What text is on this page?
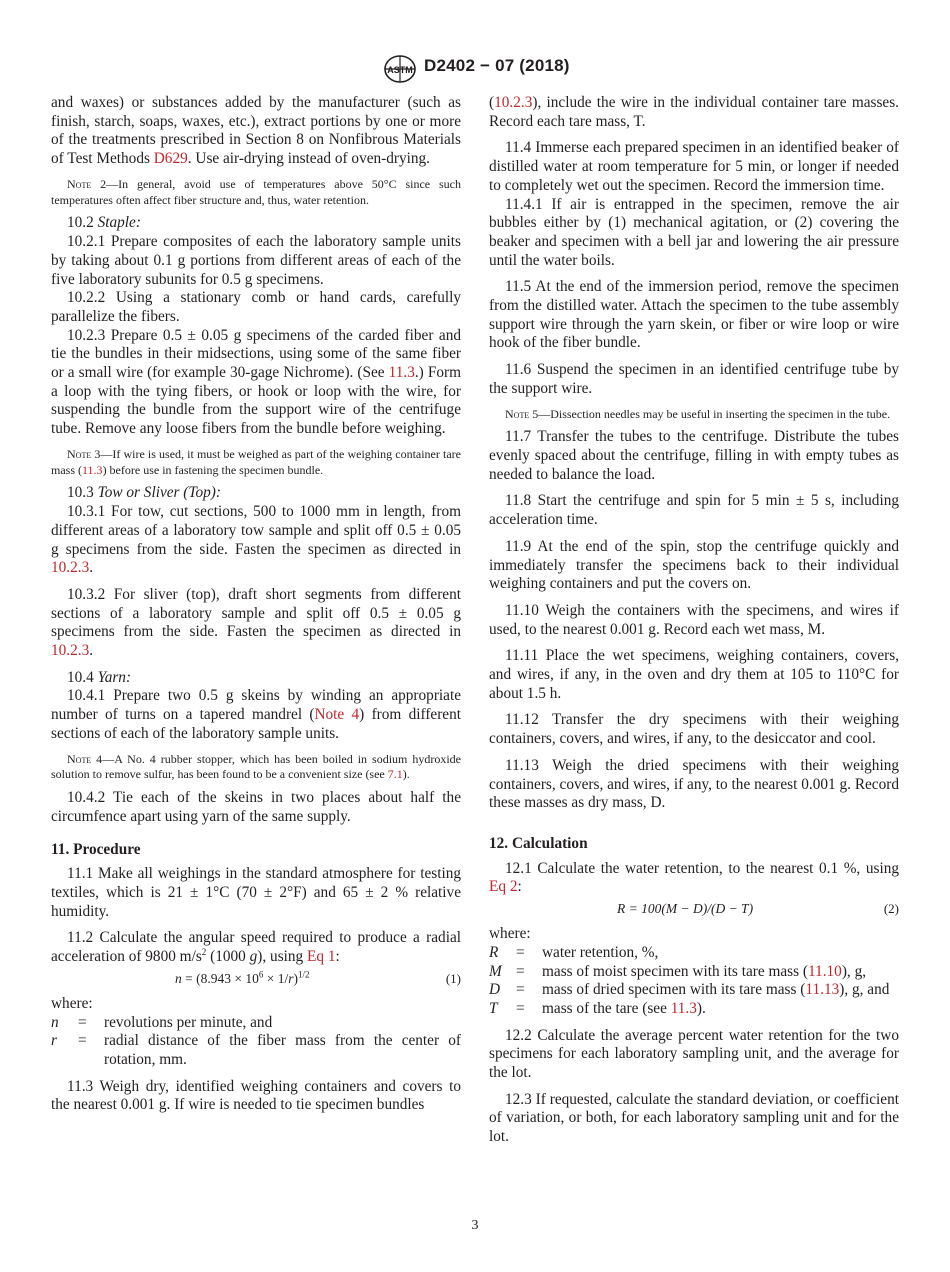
ASTM D2402 − 07 (2018)

and waxes) or substances added by the manufacturer (such as finish, starch, soaps, waxes, etc.), extract portions by one or more of the treatments prescribed in Section 8 on Nonfibrous Materials of Test Methods D629. Use air-drying instead of oven-drying.

Note 2—In general, avoid use of temperatures above 50°C since such temperatures often affect fiber structure and, thus, water retention.

10.2 Staple:

10.2.1 Prepare composites of each the laboratory sample units by taking about 0.1 g portions from different areas of each of the five laboratory subunits for 0.5 g specimens.

10.2.2 Using a stationary comb or hand cards, carefully parallelize the fibers.

10.2.3 Prepare 0.5 ± 0.05 g specimens of the carded fiber and tie the bundles in their midsections, using some of the same fiber or a small wire (for example 30-gage Nichrome). (See 11.3.) Form a loop with the tying fibers, or hook or loop with the wire, for suspending the bundle from the support wire of the centrifuge tube. Remove any loose fibers from the bundle before weighing.

Note 3—If wire is used, it must be weighed as part of the weighing container tare mass (11.3) before use in fastening the specimen bundle.

10.3 Tow or Sliver (Top):

10.3.1 For tow, cut sections, 500 to 1000 mm in length, from different areas of a laboratory tow sample and split off 0.5 ± 0.05 g specimens from the side. Fasten the specimen as directed in 10.2.3.

10.3.2 For sliver (top), draft short segments from different sections of a laboratory sample and split off 0.5 ± 0.05 g specimens from the side. Fasten the specimen as directed in 10.2.3.

10.4 Yarn:

10.4.1 Prepare two 0.5 g skeins by winding an appropriate number of turns on a tapered mandrel (Note 4) from different sections of each of the laboratory sample units.

Note 4—A No. 4 rubber stopper, which has been boiled in sodium hydroxide solution to remove sulfur, has been found to be a convenient size (see 7.1).

10.4.2 Tie each of the skeins in two places about half the circumfence apart using yarn of the same supply.

11. Procedure

11.1 Make all weighings in the standard atmosphere for testing textiles, which is 21 ± 1°C (70 ± 2°F) and 65 ± 2 % relative humidity.

11.2 Calculate the angular speed required to produce a radial acceleration of 9800 $m/s^2$ (1000 g), using Eq 1:

$n = (8.943 \times 10^6 \times 1/r)^{1/2}$	(1)

where:

n	=	revolutions per minute, and
r	=	radial distance of the fiber mass from the center of rotation, mm.

11.3 Weigh dry, identified weighing containers and covers to the nearest 0.001 g. If wire is needed to tie specimen bundles

(10.2.3), include the wire in the individual container tare masses. Record each tare mass, T.

11.4 Immerse each prepared specimen in an identified beaker of distilled water at room temperature for 5 min, or longer if needed to completely wet out the specimen. Record the immersion time.

11.4.1 If air is entrapped in the specimen, remove the air bubbles either by (1) mechanical agitation, or (2) covering the beaker and specimen with a bell jar and lowering the air pressure until the water boils.

11.5 At the end of the immersion period, remove the specimen from the distilled water. Attach the specimen to the tube assembly support wire through the yarn skein, or fiber or wire loop or wire hook of the fiber bundle.

11.6 Suspend the specimen in an identified centrifuge tube by the support wire.

Note 5—Dissection needles may be useful in inserting the specimen in the tube.

11.7 Transfer the tubes to the centrifuge. Distribute the tubes evenly spaced about the centrifuge, filling in with empty tubes as needed to balance the load.

11.8 Start the centrifuge and spin for 5 min ± 5 s, including acceleration time.

11.9 At the end of the spin, stop the centrifuge quickly and immediately transfer the specimens back to their individual weighing containers and put the covers on.

11.10 Weigh the containers with the specimens, and wires if used, to the nearest 0.001 g. Record each wet mass, M.

11.11 Place the wet specimens, weighing containers, covers, and wires, if any, in the oven and dry them at 105 to 110°C for about 1.5 h.

11.12 Transfer the dry specimens with their weighing containers, covers, and wires, if any, to the desiccator and cool.

11.13 Weigh the dried specimens with their weighing containers, covers, and wires, if any, to the nearest 0.001 g. Record these masses as dry mass, D.

12. Calculation

12.1 Calculate the water retention, to the nearest 0.1 %, using Eq 2:

R = 100(M − D)/(D − T)	(2)

where:

R	=	water retention, %,
M =	mass of moist specimen with its tare mass (11.10), g,
D	=	mass of dried specimen with its tare mass (11.13), g, and
T	=	mass of the tare (see 11.3).

12.2 Calculate the average percent water retention for the two specimens for each laboratory sampling unit, and the average for the lot.

12.3 If requested, calculate the standard deviation, or coefficient of variation, or both, for each laboratory sampling unit and for the lot.

3
